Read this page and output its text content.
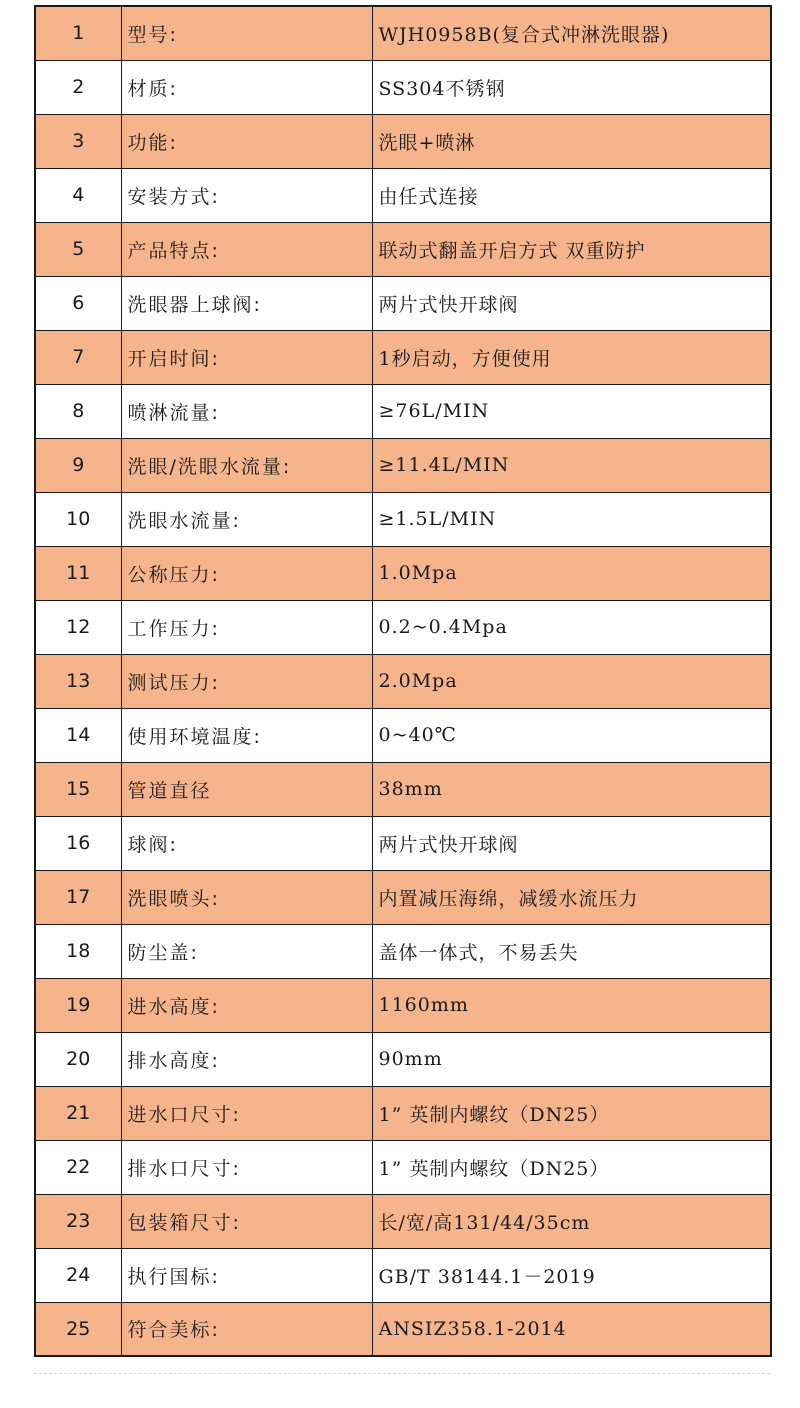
1	型号:	WJH0958B(复合式冲淋洗眼器)
2	材质:	SS304不锈钢
3	功能:	洗眼+喷淋
4	安装方式:	由任式连接
5	产品特点:	联动式翻盖开启方式 双重防护
6	洗眼器上球阀:	两片式快开球阀
7	开启时间:	1秒启动，方便使用
8	喷淋流量:	≥76L/MIN
9	洗眼/洗眼水流量:	≥11.4L/MIN
10	洗眼水流量:	≥1.5L/MIN
11	公称压力:	1.0Mpa
12	工作压力:	0.2~0.4Mpa
13	测试压力:	2.0Mpa
14	使用环境温度:	0~40℃
15	管道直径	38mm
16	球阀:	两片式快开球阀
17	洗眼喷头:	内置减压海绵，减缓水流压力
18	防尘盖:	盖体一体式，不易丢失
19	进水高度:	1160mm
20	排水高度:	90mm
21	进水口尺寸:	1” 英制内螺纹（DN25）
22	排水口尺寸:	1” 英制内螺纹（DN25）
23	包装箱尺寸:	长/宽/高131/44/35cm
24	执行国标:	GB/T 38144.1－2019
25	符合美标:	ANSIZ358.1-2014
